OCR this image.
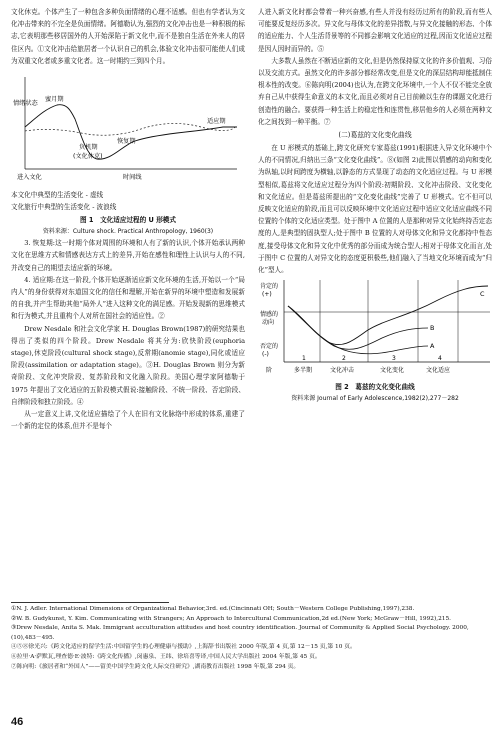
文化休克。个体产生了一种包含多种负面情绪的心理不适感。但也有学者认为文化冲击带来的不完全是负面情绪。阿德勒认为,强烈的文化冲击也是一种积极的标志,它表明那些移居国外的人开始深陷于新文化中,而不是独自生活在外来人的居住区内。①文化冲击给旅居者一个认识自己的机会,体验文化冲击很可能使人们成为双重文化者或多重文化者。这一时期约三到四个月。

情绪状态
蜜月期
适应期
恢复期
负机期
(文化休克)
进入文化	时间线
本文化中典型的生活变化 - 虚线
文化旅行中典型的生活变化 - 波浪线
图 1　文化适应过程的 U 形模式
资料来源：Culture shock. Practical Anthropology, 1960(3)

3. 恢复期:这一时期个体对周围的环境和人有了新的认识,个体开始承认两种文化在思维方式和情感表达方式上的差异,开始在感性和理性上认识与人的不同,并改变自己的期望去适应新的环境。

4. 适应期:在这一阶段,个体开始逐渐适应新文化环境的生活,开始以一个“局内人”的身份获得对东道国文化的信任和理解,开始在新异的环境中塑造和发展新的自我,并产生帮助其他“局外人”进入这种文化的满足感。开始发现新的思维模式和行为模式,并且重构个人对所在国社会的适应性。②

Drew Nesdale 和社会文化学家 H. Douglas Brown(1987)的研究结果也得出了类似的四个阶段。Drew Nesdale 将其分为:欣快阶段(euphoria stage),休克阶段(cultural shock stage),反常期(anomie stage),同化或适应阶段(assimilation or adaptation stage)。③H. Douglas Brown 则分为新奇阶段、文化冲突阶段、复苏阶段和文化融入阶段。美国心理学家阿德勒于 1975 年提出了文化适应的五阶段模式假说:接触阶段、不统一阶段、否定阶段、自律阶段和独立阶段。④

从一定意义上讲,文化适应描绘了个人在旧有文化脉络中形成的体系,重建了一个新的定位的体系,但并不是每个

人进入新文化时都会带着一种兴奋感,有些人并没有经历过所有的阶段,而有些人可能要反复经历多次。异文化与母体文化的差异指数,与异文化接触的形态、个体的适应能力、个人生活背景等的不同都会影响文化适应的过程,因而文化适应过程是因人因时而异的。⑤

大多数人虽然在不断适应新的文化,但是仍然保持原文化的许多价值观、习俗以及交流方式。虽然文化的许多部分都经常改变,但是文化的深层结构却能抵制住根本性的改变。⑥陈向明(2004)也认为,在跨文化环境中,一个人不仅不能完全放弃自己从中获得生命意义的本文化,而且必须对自己目前赖以生存的课题文化进行创造性的融合。要获得一种生活上的稳定性和连贯性,移居他乡的人必须在两种文化之间找到一种平衡。⑦

(二)葛兹的文化变化曲线

在 U 形模式的基础上,跨文化研究专家葛兹(1991)根据进入异文化环境中个人的不同情况,归纳出三条“文化变化曲线”。⑧(如图 2)此图以情感的动向和变化为纵轴,以时间跨度为横轴,以静态的方式显现了动态的文化适应过程。与 U 形模型相似,葛兹将文化适应过程分为四个阶段:初期阶段、文化冲击阶段、文化变化和文化适应。但是葛兹所提出的“文化变化曲线”完善了 U 形模式。它不但可以反映文化适应的阶段,而且可以反映环境中文化适应过程中适应文化适应曲线不同位置的个体的文化适应类型。处于图中 A 位置的人是那种对异文化始终持否定态度的人,是典型的固执型人;处于图中 B 位置的人对母体文化和异文化都持中性态度,接受母体文化和异文化中优秀的部分而成为统合型人;相对于母体文化而言,处于图中 C 位置的人对异文化的态度更积极些,他们融入了当地文化环境而成为“归化”型人。

肯定的
(+)
情感的
动向
否定的
(-)
B
A
C
1	2	3	4
阶	多半期	文化冲击	文化变化	文化适应
图 2　葛兹的文化变化曲线
资料来源 Journal of Early Adolescence,1982(2),277－282
①N. J. Adler. International Dimensions of Organizational Behavior,3rd. ed.(Cincinnati OH; South－Western College Publishing,1997),238.
②W. B. Gudykunst, Y. Kim. Communicating with Strangers; An Approach to Intercultural Communication,2d ed.(New York; McGraw－Hill, 1992),215.
③Drew Nesdale, Anita S. Mak. Immigrant acculturation attitudes and host country identification. Journal of Community & Applied Social Psychology. 2000,(10),483－495.
④⑤⑧徐光兴:《跨文化适应的留学生活:中国留学生的心理健康与援助》,上海辞书出版社 2000 年版,第 4 页,第 12－15 页,第 10 页。
⑥拉里·A·萨默瓦,理查德·E·波特:《跨文化传播》,闵惠泉、王纬、徐培喜等译,中国人民大学出版社 2004 年版,第 45 页。
⑦陈向明:《旅居者和“外国人”——留美中国学生跨文化人际交往研究》,湖南教育出版社 1998 年版,第 294 页。
46
